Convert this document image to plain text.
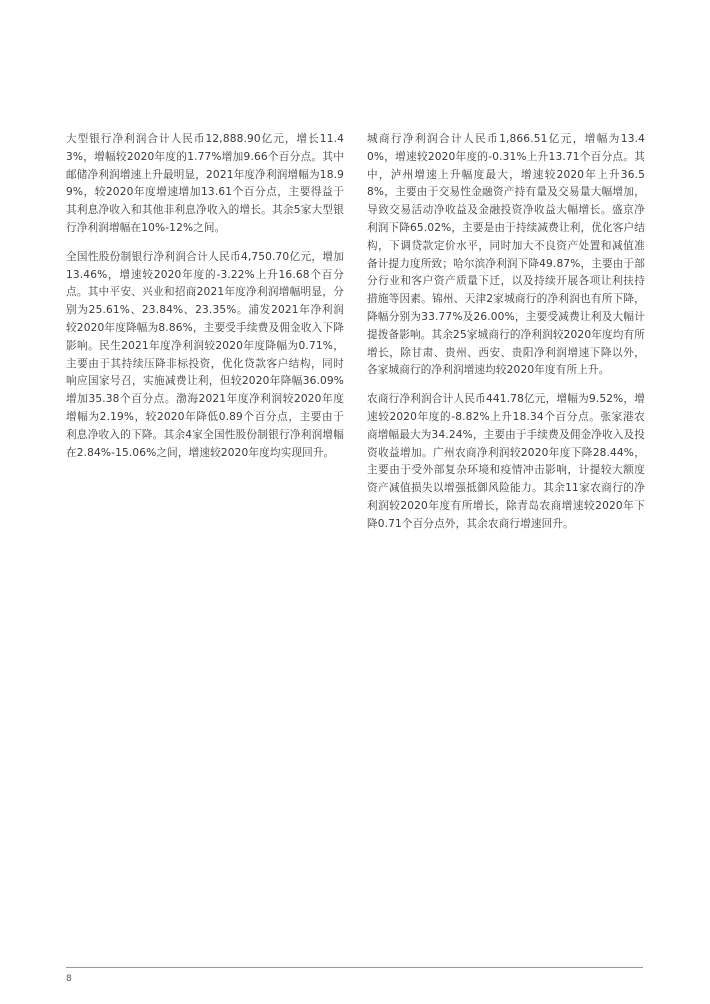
大型银行净利润合计人民币12,888.90亿元，增长11.43%，增幅较2020年度的1.77%增加9.66个百分点。其中邮储净利润增速上升最明显，2021年度净利润增幅为18.99%，较2020年度增速增加13.61个百分点，主要得益于其利息净收入和其他非利息净收入的增长。其余5家大型银行净利润增幅在10%-12%之间。

全国性股份制银行净利润合计人民币4,750.70亿元，增加13.46%，增速较2020年度的-3.22%上升16.68个百分点。其中平安、兴业和招商2021年度净利润增幅明显，分别为25.61%、23.84%、23.35%。浦发2021年净利润较2020年度降幅为8.86%，主要受手续费及佣金收入下降影响。民生2021年度净利润较2020年度降幅为0.71%，主要由于其持续压降非标投资，优化贷款客户结构，同时响应国家号召，实施减费让利，但较2020年降幅36.09%增加35.38个百分点。渤海2021年度净利润较2020年度增幅为2.19%，较2020年降低0.89个百分点，主要由于利息净收入的下降。其余4家全国性股份制银行净利润增幅在2.84%-15.06%之间，增速较2020年度均实现回升。

城商行净利润合计人民币1,866.51亿元，增幅为13.40%，增速较2020年度的-0.31%上升13.71个百分点。其中，泸州增速上升幅度最大，增速较2020年上升36.58%，主要由于交易性金融资产持有量及交易量大幅增加，导致交易活动净收益及金融投资净收益大幅增长。盛京净利润下降65.02%，主要是由于持续减费让利，优化客户结构，下调贷款定价水平，同时加大不良资产处置和减值准备计提力度所致；哈尔滨净利润下降49.87%，主要由于部分行业和客户资产质量下迁，以及持续开展各项让利扶持措施等因素。锦州、天津2家城商行的净利润也有所下降，降幅分别为33.77%及26.00%，主要受减费让利及大幅计提拨备影响。其余25家城商行的净利润较2020年度均有所增长，除甘肃、贵州、西安、贵阳净利润增速下降以外，各家城商行的净利润增速均较2020年度有所上升。

农商行净利润合计人民币441.78亿元，增幅为9.52%，增速较2020年度的-8.82%上升18.34个百分点。张家港农商增幅最大为34.24%，主要由于手续费及佣金净收入及投资收益增加。广州农商净利润较2020年度下降28.44%，主要由于受外部复杂环境和疫情冲击影响，计提较大额度资产减值损失以增强抵御风险能力。其余11家农商行的净利润较2020年度有所增长，除青岛农商增速较2020年下降0.71个百分点外，其余农商行增速回升。

8
